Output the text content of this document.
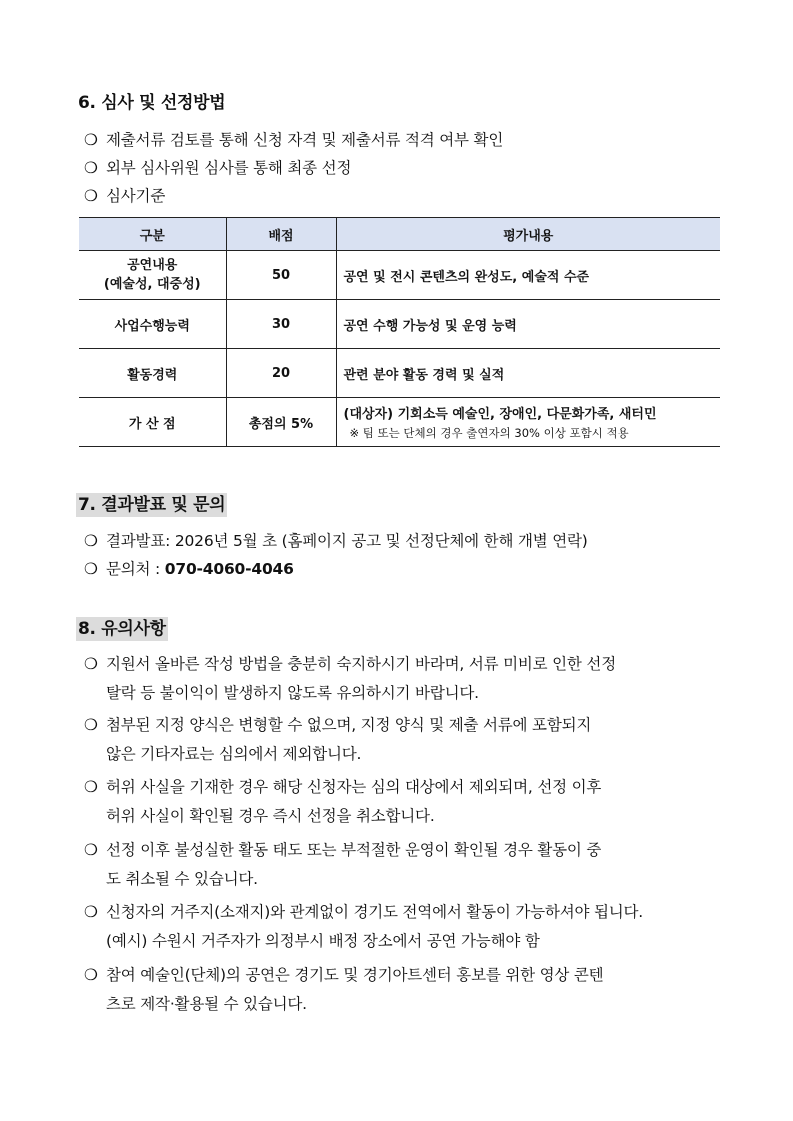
6. 심사 및 선정방법
❍ 제출서류 검토를 통해 신청 자격 및 제출서류 적격 여부 확인
❍ 외부 심사위원 심사를 통해 최종 선정
❍ 심사기준
구분	배점	평가내용

공연내용
(예술성, 대중성)	50	공연 및 전시 콘텐츠의 완성도, 예술적 수준
사업수행능력	30	공연 수행 가능성 및 운영 능력
활동경력	20	관련 분야 활동 경력 및 실적
가 산 점	총점의 5%	(대상자) 기회소득 예술인, 장애인, 다문화가족, 새터민
※ 팀 또는 단체의 경우 출연자의 30% 이상 포함시 적용
7. 결과발표 및 문의
❍ 결과발표: 2026년 5월 초 (홈페이지 공고 및 선정단체에 한해 개별 연락)
❍ 문의처 : 070-4060-4046
8. 유의사항
❍ 지원서 올바른 작성 방법을 충분히 숙지하시기 바라며, 서류 미비로 인한 선정
탈락 등 불이익이 발생하지 않도록 유의하시기 바랍니다.
❍ 첨부된 지정 양식은 변형할 수 없으며, 지정 양식 및 제출 서류에 포함되지
않은 기타자료는 심의에서 제외합니다.
❍ 허위 사실을 기재한 경우 해당 신청자는 심의 대상에서 제외되며, 선정 이후
허위 사실이 확인될 경우 즉시 선정을 취소합니다.
❍ 선정 이후 불성실한 활동 태도 또는 부적절한 운영이 확인될 경우 활동이 중
도 취소될 수 있습니다.
❍ 신청자의 거주지(소재지)와 관계없이 경기도 전역에서 활동이 가능하셔야 됩니다.
(예시) 수원시 거주자가 의정부시 배정 장소에서 공연 가능해야 함
❍ 참여 예술인(단체)의 공연은 경기도 및 경기아트센터 홍보를 위한 영상 콘텐
츠로 제작·활용될 수 있습니다.
